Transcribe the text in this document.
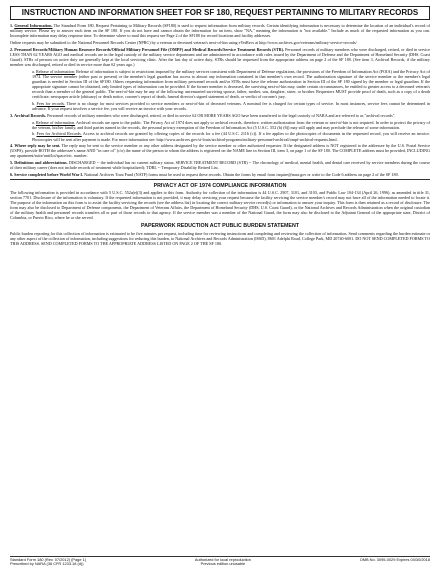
INSTRUCTION AND INFORMATION SHEET FOR SF 180, REQUEST PERTAINING TO MILITARY RECORDS

1. General Information. The Standard Form 180, Request Pertaining to Military Records (SF180) is used to request information from military records. Certain identifying information is necessary to determine the location of an individual's record of military service. Please try to answer each item on the SF 180. If you do not have and cannot obtain the information for an item, show "NA," meaning the information is "not available." Include as much of the requested information as you can. Incomplete information may delay response time. To determine where to mail this request see Page 2 of the SF180 for record locations and facility addresses.

Online requests may be submitted to the National Personnel Records Center (NPRC) by a veteran or deceased veteran's next-of-kin using eVetRecs at http://www.archives.gov/veterans/military-service-records/

2. Personnel Records/Military Human Resource Records/Official Military Personnel File (OMPF) and Medical Records/Service Treatment Records (STR). Personnel records of military members who were discharged, retired, or died in service LESS THAN 62 YEARS AGO and medical records are in the legal custody of the military service department and are administered in accordance with rules issued by the Department of Defense and the Department of Homeland Security (DHS, Coast Guard). STRs of persons on active duty are generally kept at the local servicing clinic. After the last day of active duty, STRs should be requested from the appropriate address on page 2 of the SF 180. (See item 3, Archival Records, if the military member was discharged, retired or died in service more than 62 years ago.)

a. Release of information: Release of information is subject to restrictions imposed by the military services consistent with Department of Defense regulations, the provisions of the Freedom of Information Act (FOIA) and the Privacy Act of 1974. The service member (either past or present) or the member's legal guardian has access to almost any information contained in that member's own record. The authorization signature of the service member or the member's legal guardian is needed in Section III of the SF180. Others requesting information from military personnel records and/or STRs must have the release authorization in Section III of the SF 180 signed by the member or legal guardian. If the appropriate signature cannot be obtained, only limited types of information can be provided. If the former member is deceased, the surviving next-of-kin may, under certain circumstances, be entitled to greater access to a deceased veteran's records than a member of the general public. The next-of-kin may be any of the following: unremarried surviving spouse, father, mother, son, daughter, sister, or brother. Requesters MUST provide proof of death, such as a copy of a death certificate, newspaper article (obituary) or death notice, coroner's report of death, funeral director's signed statement of death, or verdict of coroner's jury.

b. Fees for records. There is no charge for most services provided to service members or next-of-kin of deceased veterans. A nominal fee is charged for certain types of service. In most instances, service fees cannot be determined in advance. If your request involves a service fee, you will receive an invoice with your records.

3. Archival Records. Personnel records of military members who were discharged, retired, or died in service 62 OR MORE YEARS AGO have been transferred to the legal custody of NARA and are referred to as "archival records".

a. Release of information. Archival records are open to the public. The Privacy Act of 1974 does not apply to archival records, therefore, written authorization from the veteran or next-of-kin is not required. In order to protect the privacy of the veteran, his/her family, and third parties named in the records, the personal privacy exemption of the Freedom of Information Act (5 U.S.C. 552 (b) (6)) may still apply and may preclude the release of some information.

b. Fees for Archival Records. Access to archival records are granted by offering copies of the records for a fee (44 U.S.C. 2116 (c)). If a fee applies to the photocopies of documents in the requested record, you will receive an invoice. Photocopies will be sent after payment is made. For more information see: http://www.archives.gov/st-louis/archival-programs/military-personnel-archival/ompf-archival-requests.html.

4. Where reply may be sent. The reply may be sent to the service member or any other address designated by the service member or other authorized requester. If the designated address is NOT registered to the addressee by the U.S. Postal Service (USPS), provide BOTH the addressee's name AND "in care of" (c/o) the name of the person to whom the address is registered on the NAME line in Section III, item 3, on page 1 of the SF 180. The COMPLETE address must be provided, INCLUDING any apartment/suite/unit/lot/space/etc. number.

5. Definitions and abbreviations. DISCHARGED -- the individual has no current military status; SERVICE TREATMENT RECORD (STR) -- The chronology of medical, mental health, and dental care received by service members during the course of their military career (does not include records of treatment while hospitalized); TDRL -- Temporary Disability Retired List.

6. Service completed before World War I. National Archives Trust Fund (NATF) forms must be used to request these records. Obtain the forms by email from inquire@nara.gov or write to the Code 6 address on page 2 of the SF 180.

PRIVACY ACT OF 1974 COMPLIANCE INFORMATION

The following information is provided in accordance with 5 U.S.C. 552a(e)(3) and applies to this form. Authority for collection of the information is 44 U.S.C. 2907, 3101, and 3103, and Public Law 104-134 (April 26, 1996), as amended in title 31, section 7701. Disclosure of the information is voluntary. If the requested information is not provided, it may delay servicing your request because the facility servicing the service member's record may not have all of the information needed to locate it. The purpose of the information on this form is to assist the facility servicing the records (see the address list) in locating the correct military service record(s) or information to answer your inquiry. This form is then retained as a record of disclosure. The form may also be disclosed to Department of Defense components, the Department of Veterans Affairs, the Department of Homeland Security (DHS, U.S. Coast Guard), or the National Archives and Records Administration when the original custodian of the military health and personnel records transfers all or part of those records to that agency. If the service member was a member of the National Guard, the form may also be disclosed to the Adjutant General of the appropriate state, District of Columbia, or Puerto Rico, where he or she served.

PAPERWORK REDUCTION ACT PUBLIC BURDEN STATEMENT

Public burden reporting for this collection of information is estimated to be five minutes per request, including time for reviewing instructions and completing and reviewing the collection of information. Send comments regarding the burden estimate or any other aspect of the collection of information, including suggestions for reducing this burden, to National Archives and Records Administration (ISSD), 8601 Adelphi Road, College Park, MD 20740-6001. DO NOT SEND COMPLETED FORMS TO THIS ADDRESS. SEND COMPLETED FORMS TO THE APPROPRIATE ADDRESS LISTED ON PAGE 2 OF THE SF 180.

Standard Form 180 (Rev. 07/2012) (Page 1)
Prescribed by NARA (36 CFR 1233.18 (d))
Authorized for local reproduction
Previous edition unusable
OMB No. 3095-0029 Expires 04/30/2018
